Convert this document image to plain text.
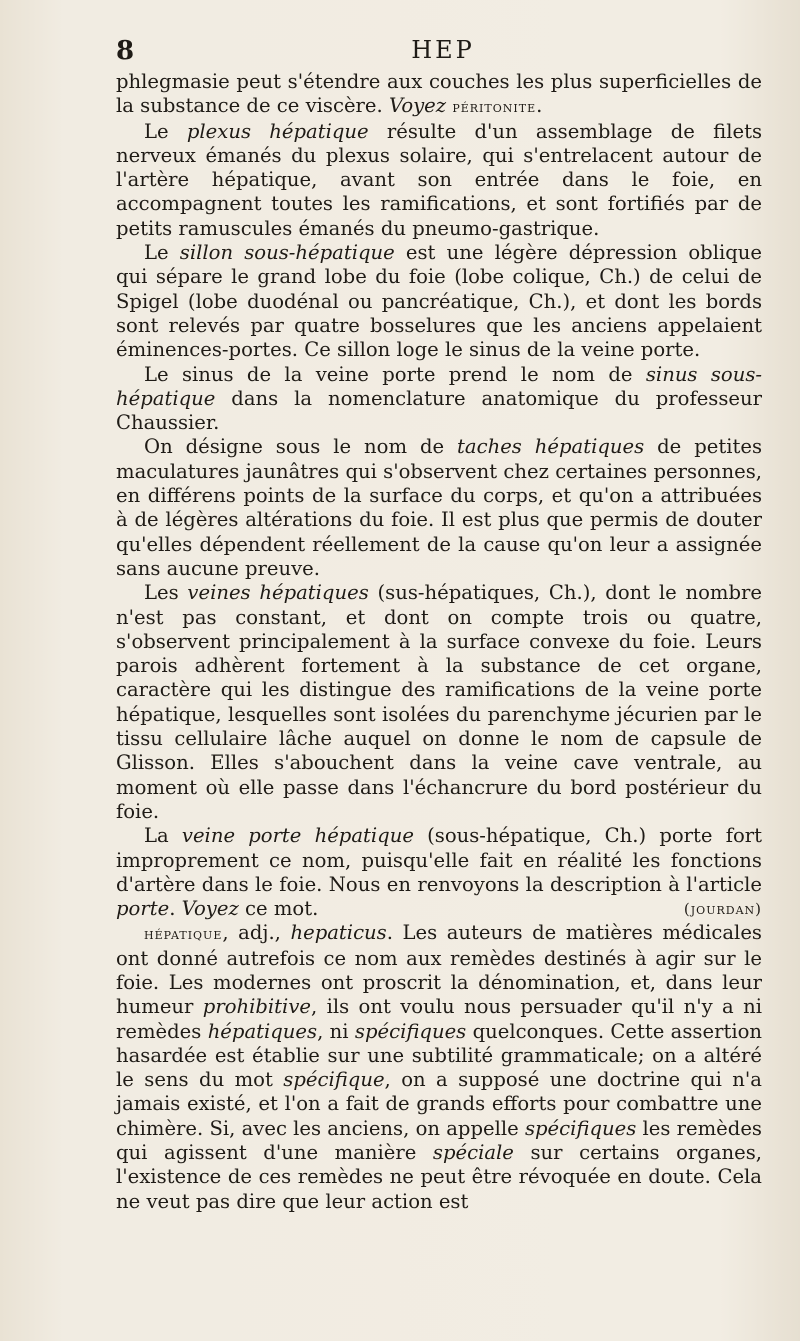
8	HEP

phlegmasie peut s'étendre aux couches les plus superficielles de la substance de ce viscère. Voyez péritonite.

Le plexus hépatique résulte d'un assemblage de filets nerveux émanés du plexus solaire, qui s'entrelacent autour de l'artère hépatique, avant son entrée dans le foie, en accompagnent toutes les ramifications, et sont fortifiés par de petits ramuscules émanés du pneumo-gastrique.

Le sillon sous-hépatique est une légère dépression oblique qui sépare le grand lobe du foie (lobe colique, Ch.) de celui de Spigel (lobe duodénal ou pancréatique, Ch.), et dont les bords sont relevés par quatre bosselures que les anciens appelaient éminences-portes. Ce sillon loge le sinus de la veine porte.

Le sinus de la veine porte prend le nom de sinus sous-hépatique dans la nomenclature anatomique du professeur Chaussier.

On désigne sous le nom de taches hépatiques de petites maculatures jaunâtres qui s'observent chez certaines personnes, en différens points de la surface du corps, et qu'on a attribuées à de légères altérations du foie. Il est plus que permis de douter qu'elles dépendent réellement de la cause qu'on leur a assignée sans aucune preuve.

Les veines hépatiques (sus-hépatiques, Ch.), dont le nombre n'est pas constant, et dont on compte trois ou quatre, s'observent principalement à la surface convexe du foie. Leurs parois adhèrent fortement à la substance de cet organe, caractère qui les distingue des ramifications de la veine porte hépatique, lesquelles sont isolées du parenchyme jécurien par le tissu cellulaire lâche auquel on donne le nom de capsule de Glisson. Elles s'abouchent dans la veine cave ventrale, au moment où elle passe dans l'échancrure du bord postérieur du foie.

La veine porte hépatique (sous-hépatique, Ch.) porte fort improprement ce nom, puisqu'elle fait en réalité les fonctions d'artère dans le foie. Nous en renvoyons la description à l'article porte. Voyez ce mot.
(	jourdan )

hépatique, adj., hepaticus. Les auteurs de matières médicales ont donné autrefois ce nom aux remèdes destinés à agir sur le foie. Les modernes ont proscrit la dénomination, et, dans leur humeur prohibitive, ils ont voulu nous persuader qu'il n'y a ni remèdes hépatiques, ni spécifiques quelconques. Cette assertion hasardée est établie sur une subtilité grammaticale; on a altéré le sens du mot spécifique, on a supposé une doctrine qui n'a jamais existé, et l'on a fait de grands efforts pour combattre une chimère. Si, avec les anciens, on appelle spécifiques les remèdes qui agissent d'une manière spéciale sur certains organes, l'existence de ces remèdes ne peut être révoquée en doute. Cela ne veut pas dire que leur action est
